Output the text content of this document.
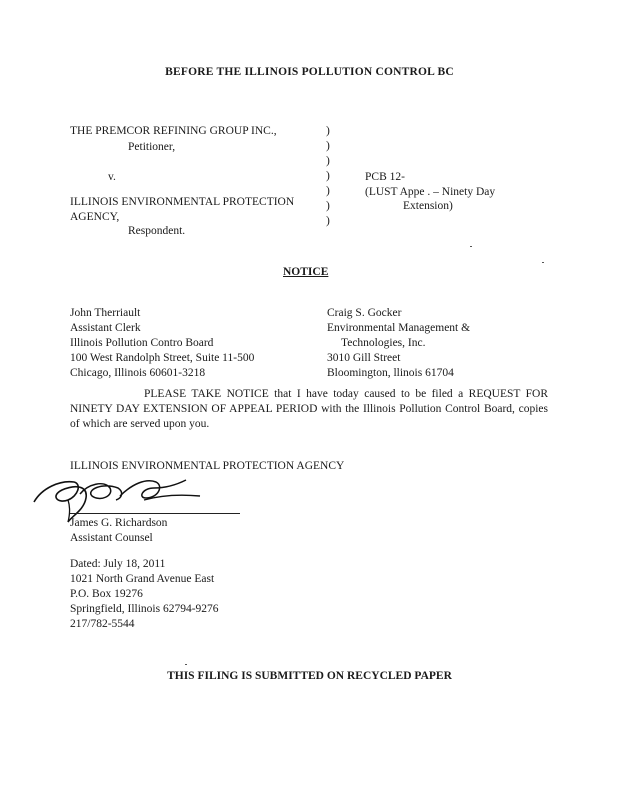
BEFORE THE ILLINOIS POLLUTION CONTROL BC
THE PREMCOR REFINING GROUP INC.,
Petitioner,
v.
ILLINOIS ENVIRONMENTAL PROTECTION
AGENCY,
Respondent.
)
)
)
)
)
)
)
PCB 12-
(LUST Appe . – Ninety Day
Extension)
NOTICE
John Therriault
Assistant Clerk
Illinois Pollution Contro Board
100 West Randolph Street, Suite 11-500
Chicago, Illinois 60601-3218
Craig S. Gocker
Environmental Management &
Technologies, Inc.
3010 Gill Street
Bloomington, llinois 61704
PLEASE TAKE NOTICE that I have today caused to be filed a REQUEST FOR NINETY DAY EXTENSION OF APPEAL PERIOD with the Illinois Pollution Control Board, copies of which are served upon you.
ILLINOIS ENVIRONMENTAL PROTECTION AGENCY
James G. Richardson
Assistant Counsel
Dated: July 18, 2011
1021 North Grand Avenue East
P.O. Box 19276
Springfield, Illinois 62794-9276
217/782-5544
THIS FILING IS SUBMITTED ON RECYCLED PAPER
